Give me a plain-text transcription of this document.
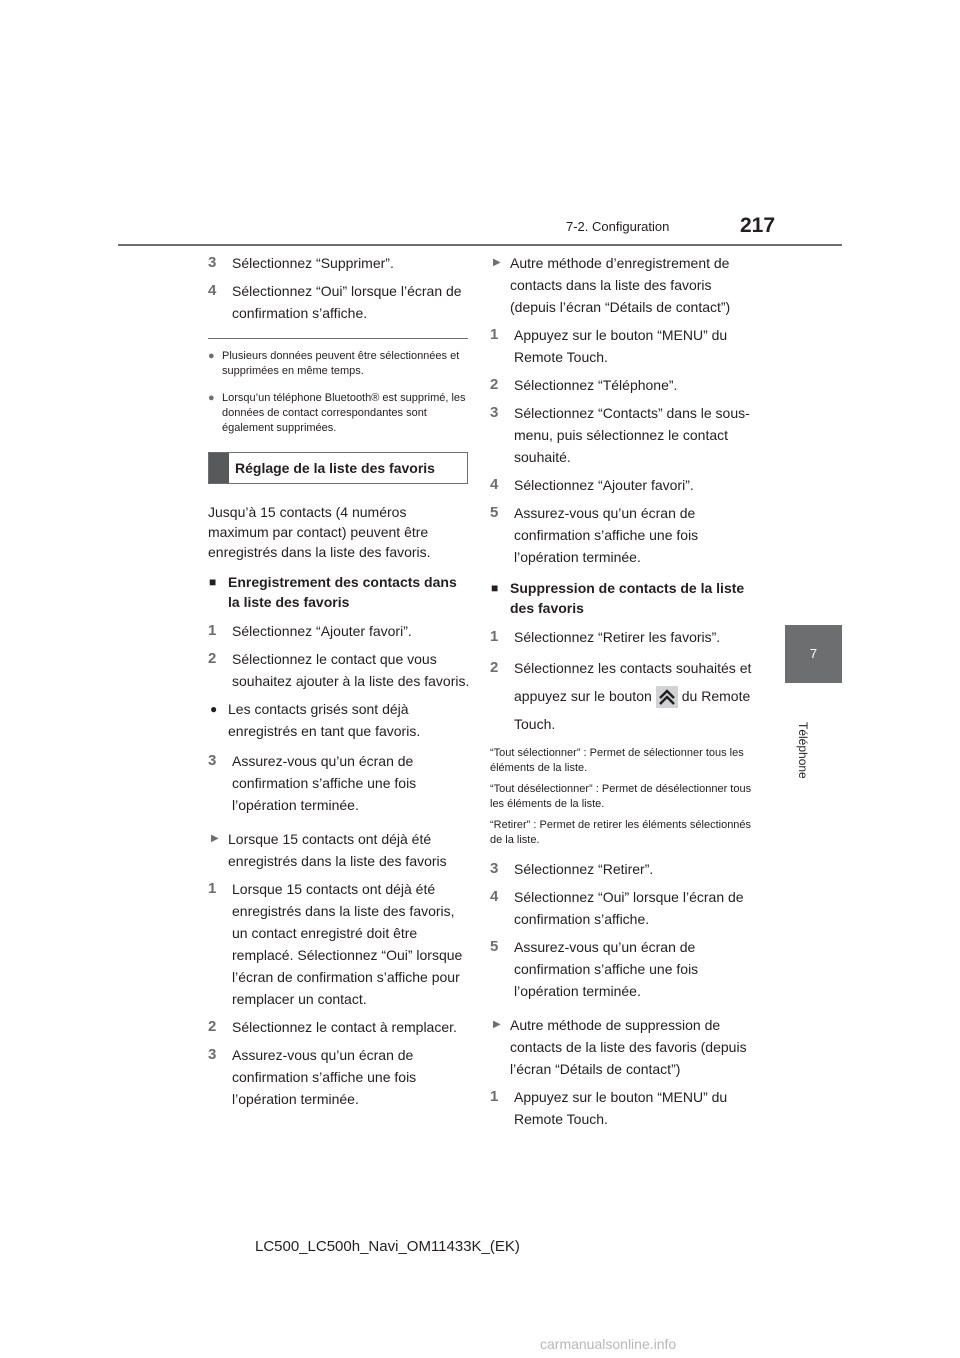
7-2. Configuration	217
7
Téléphone
3 Sélectionnez “Supprimer”.
4 Sélectionnez “Oui” lorsque l’écran de confirmation s’affiche.
● Plusieurs données peuvent être sélectionnées et supprimées en même temps.
● Lorsqu’un téléphone Bluetooth® est supprimé, les données de contact correspondantes sont également supprimées.
Réglage de la liste des favoris

Jusqu’à 15 contacts (4 numéros maximum par contact) peuvent être enregistrés dans la liste des favoris.

■ Enregistrement des contacts dans la liste des favoris
1 Sélectionnez “Ajouter favori”.
2 Sélectionnez le contact que vous souhaitez ajouter à la liste des favoris.
● Les contacts grisés sont déjà enregistrés en tant que favoris.
3 Assurez-vous qu’un écran de confirmation s’affiche une fois l’opération terminée.
▶ Lorsque 15 contacts ont déjà été enregistrés dans la liste des favoris
1 Lorsque 15 contacts ont déjà été enregistrés dans la liste des favoris, un contact enregistré doit être remplacé. Sélectionnez “Oui” lorsque l’écran de confirmation s’affiche pour remplacer un contact.
2 Sélectionnez le contact à remplacer.
3 Assurez-vous qu’un écran de confirmation s’affiche une fois l’opération terminée.
▶ Autre méthode d’enregistrement de contacts dans la liste des favoris (depuis l’écran “Détails de contact”)
1 Appuyez sur le bouton “MENU” du Remote Touch.
2 Sélectionnez “Téléphone”.
3 Sélectionnez “Contacts” dans le sous-menu, puis sélectionnez le contact souhaité.
4 Sélectionnez “Ajouter favori”.
5 Assurez-vous qu’un écran de confirmation s’affiche une fois l’opération terminée.
■ Suppression de contacts de la liste des favoris
1 Sélectionnez “Retirer les favoris”.
2 Sélectionnez les contacts souhaités et appuyez sur le bouton du Remote Touch.

“Tout sélectionner” : Permet de sélectionner tous les éléments de la liste.

“Tout désélectionner” : Permet de désélectionner tous les éléments de la liste.

“Retirer” : Permet de retirer les éléments sélectionnés de la liste.

3 Sélectionnez “Retirer”.
4 Sélectionnez “Oui” lorsque l’écran de confirmation s’affiche.
5 Assurez-vous qu’un écran de confirmation s’affiche une fois l’opération terminée.
▶ Autre méthode de suppression de contacts de la liste des favoris (depuis l’écran “Détails de contact”)
1 Appuyez sur le bouton “MENU” du Remote Touch.
LC500_LC500h_Navi_OM11433K_(EK)
carmanualsonline.info
